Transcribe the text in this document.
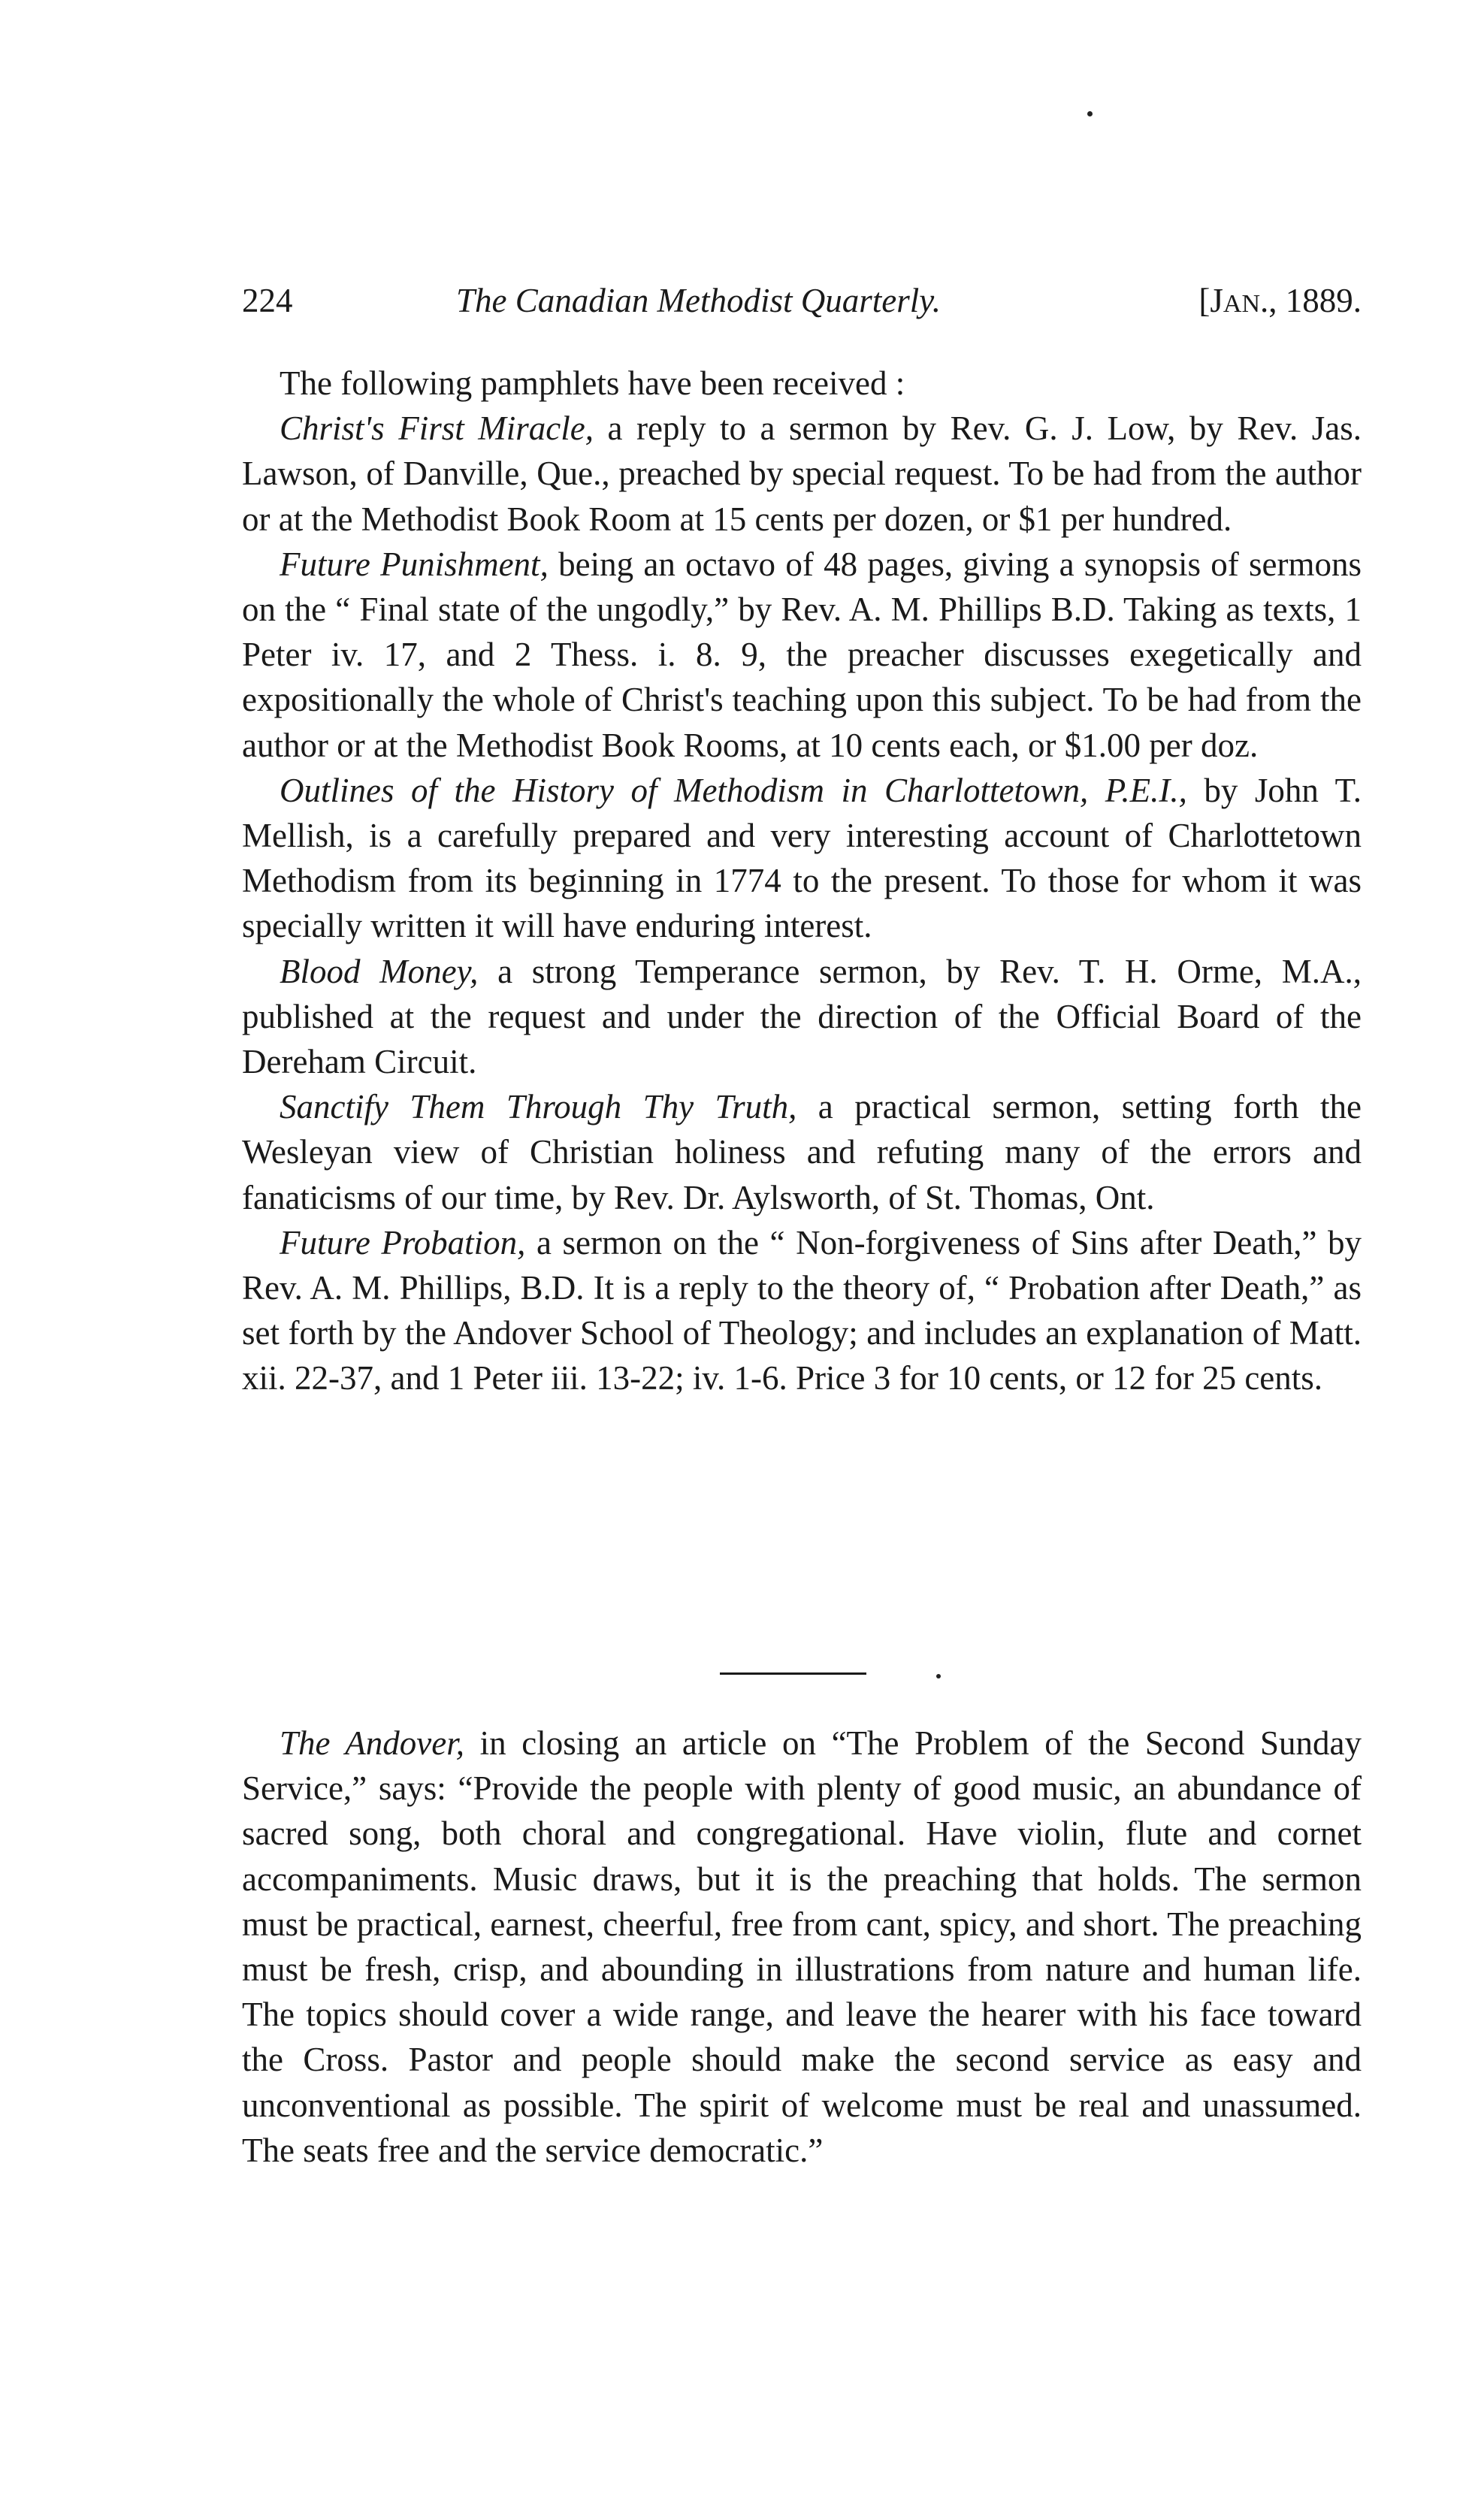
224	The Canadian Methodist Quarterly.	[JAN., 1889.

The following pamphlets have been received :

Christ's First Miracle, a reply to a sermon by Rev. G. J. Low, by Rev. Jas. Lawson, of Danville, Que., preached by special request. To be had from the author or at the Methodist Book Room at 15 cents per dozen, or $1 per hundred.

Future Punishment, being an octavo of 48 pages, giving a synopsis of sermons on the “ Final state of the ungodly,” by Rev. A. M. Phillips B.D. Taking as texts, 1 Peter iv. 17, and 2 Thess. i. 8. 9, the preacher discusses exegetically and expositionally the whole of Christ's teaching upon this subject. To be had from the author or at the Methodist Book Rooms, at 10 cents each, or $1.00 per doz.

Outlines of the History of Methodism in Charlottetown, P.E.I., by John T. Mellish, is a carefully prepared and very interesting account of Charlottetown Methodism from its beginning in 1774 to the present. To those for whom it was specially written it will have enduring interest.

Blood Money, a strong Temperance sermon, by Rev. T. H. Orme, M.A., published at the request and under the direction of the Official Board of the Dereham Circuit.

Sanctify Them Through Thy Truth, a practical sermon, setting forth the Wesleyan view of Christian holiness and refuting many of the errors and fanaticisms of our time, by Rev. Dr. Aylsworth, of St. Thomas, Ont.

Future Probation, a sermon on the “ Non-forgiveness of Sins after Death,” by Rev. A. M. Phillips, B.D. It is a reply to the theory of, “ Probation after Death,” as set forth by the Andover School of Theology; and includes an explanation of Matt. xii. 22-37, and 1 Peter iii. 13-22; iv. 1-6. Price 3 for 10 cents, or 12 for 25 cents.

The Andover, in closing an article on “The Problem of the Second Sunday Service,” says: “Provide the people with plenty of good music, an abundance of sacred song, both choral and congregational. Have violin, flute and cornet accompaniments. Music draws, but it is the preaching that holds. The sermon must be practical, earnest, cheerful, free from cant, spicy, and short. The preaching must be fresh, crisp, and abounding in illustrations from nature and human life. The topics should cover a wide range, and leave the hearer with his face toward the Cross. Pastor and people should make the second service as easy and unconventional as possible. The spirit of welcome must be real and unassumed. The seats free and the service democratic.”
